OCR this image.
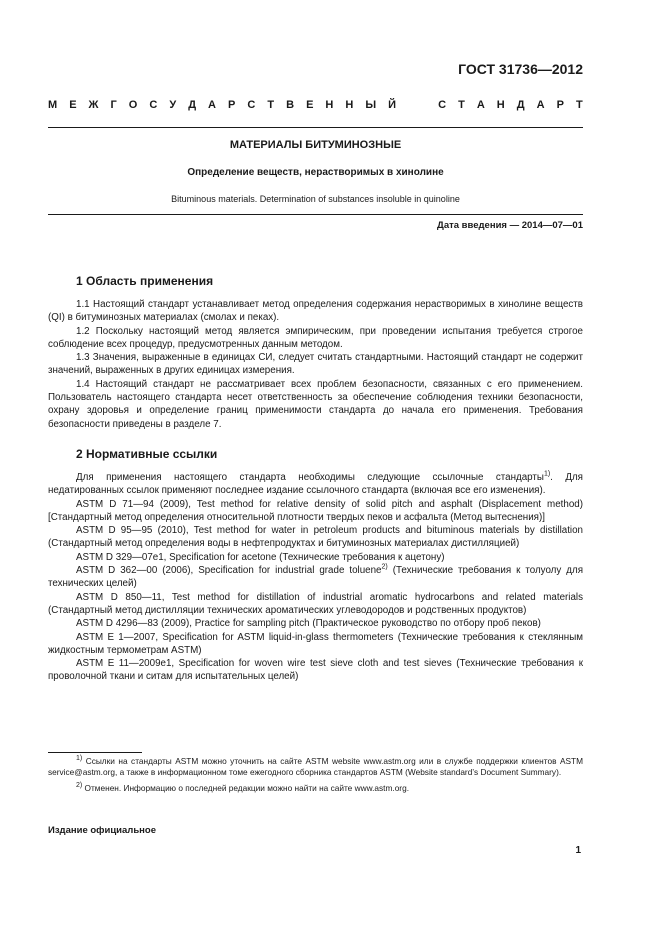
ГОСТ 31736—2012
М Е Ж Г О С У Д А Р С Т В Е Н Н Ы Й	С Т А Н Д А Р Т
МАТЕРИАЛЫ БИТУМИНОЗНЫЕ
Определение веществ, нерастворимых в хинолине
Bituminous materials. Determination of substances insoluble in quinoline
Дата введения — 2014—07—01
1 Область применения

1.1 Настоящий стандарт устанавливает метод определения содержания нерастворимых в хинолине веществ (QI) в битуминозных материалах (смолах и пеках).

1.2 Поскольку настоящий метод является эмпирическим, при проведении испытания требуется строгое соблюдение всех процедур, предусмотренных данным методом.

1.3 Значения, выраженные в единицах СИ, следует считать стандартными. Настоящий стандарт не содержит значений, выраженных в других единицах измерения.

1.4 Настоящий стандарт не рассматривает всех проблем безопасности, связанных с его применением. Пользователь настоящего стандарта несет ответственность за обеспечение соблюдения техники безопасности, охрану здоровья и определение границ применимости стандарта до начала его применения. Требования безопасности приведены в разделе 7.

2 Нормативные ссылки

Для применения настоящего стандарта необходимы следующие ссылочные стандарты$^{1)}$. Для недатированных ссылок применяют последнее издание ссылочного стандарта (включая все его изменения).

ASTM D 71—94 (2009), Test method for relative density of solid pitch and asphalt (Displacement method) [Стандартный метод определения относительной плотности твердых пеков и асфальта (Метод вытеснения)]

ASTM D 95—95 (2010), Test method for water in petroleum products and bituminous materials by distillation (Стандартный метод определения воды в нефтепродуктах и битуминозных материалах дистилляцией)

ASTM D 329—07e1, Specification for acetone (Технические требования к ацетону)

ASTM D 362—00 (2006), Specification for industrial grade toluene$^{2)}$ (Технические требования к толуолу для технических целей)

ASTM D 850—11, Test method for distillation of industrial aromatic hydrocarbons and related materials (Стандартный метод дистилляции технических ароматических углеводородов и родственных продуктов)

ASTM D 4296—83 (2009), Practice for sampling pitch (Практическое руководство по отбору проб пеков)

ASTM E 1—2007, Specification for ASTM liquid-in-glass thermometers (Технические требования к стеклянным жидкостным термометрам ASTM)

ASTM E 11—2009e1, Specification for woven wire test sieve cloth and test sieves (Технические требования к проволочной ткани и ситам для испытательных целей)

$^{1)}$ Ссылки на стандарты ASTM можно уточнить на сайте ASTM website www.astm.org или в службе поддержки клиентов ASTM service@astm.org, а также в информационном томе ежегодного сборника стандартов ASTM (Website standard’s Document Summary).

$^{2)}$ Отменен. Информацию о последней редакции можно найти на сайте www.astm.org.

Издание официальное
1
